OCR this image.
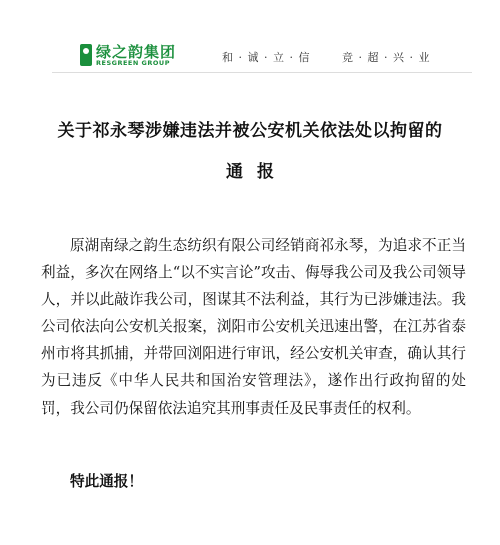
绿之韵集团
RESGREEN GROUP	和 · 诚 · 立 · 信	竞 · 超 · 兴 · 业
关于祁永琴涉嫌违法并被公安机关依法处以拘留的
通报

原湖南绿之韵生态纺织有限公司经销商祁永琴，为追求不正当利益，多次在网络上“以不实言论”攻击、侮辱我公司及我公司领导人，并以此敲诈我公司，图谋其不法利益，其行为已涉嫌违法。我公司依法向公安机关报案，浏阳市公安机关迅速出警，在江苏省泰州市将其抓捕，并带回浏阳进行审讯，经公安机关审查，确认其行为已违反《中华人民共和国治安管理法》，遂作出行政拘留的处罚，我公司仍保留依法追究其刑事责任及民事责任的权利。

特此通报！
